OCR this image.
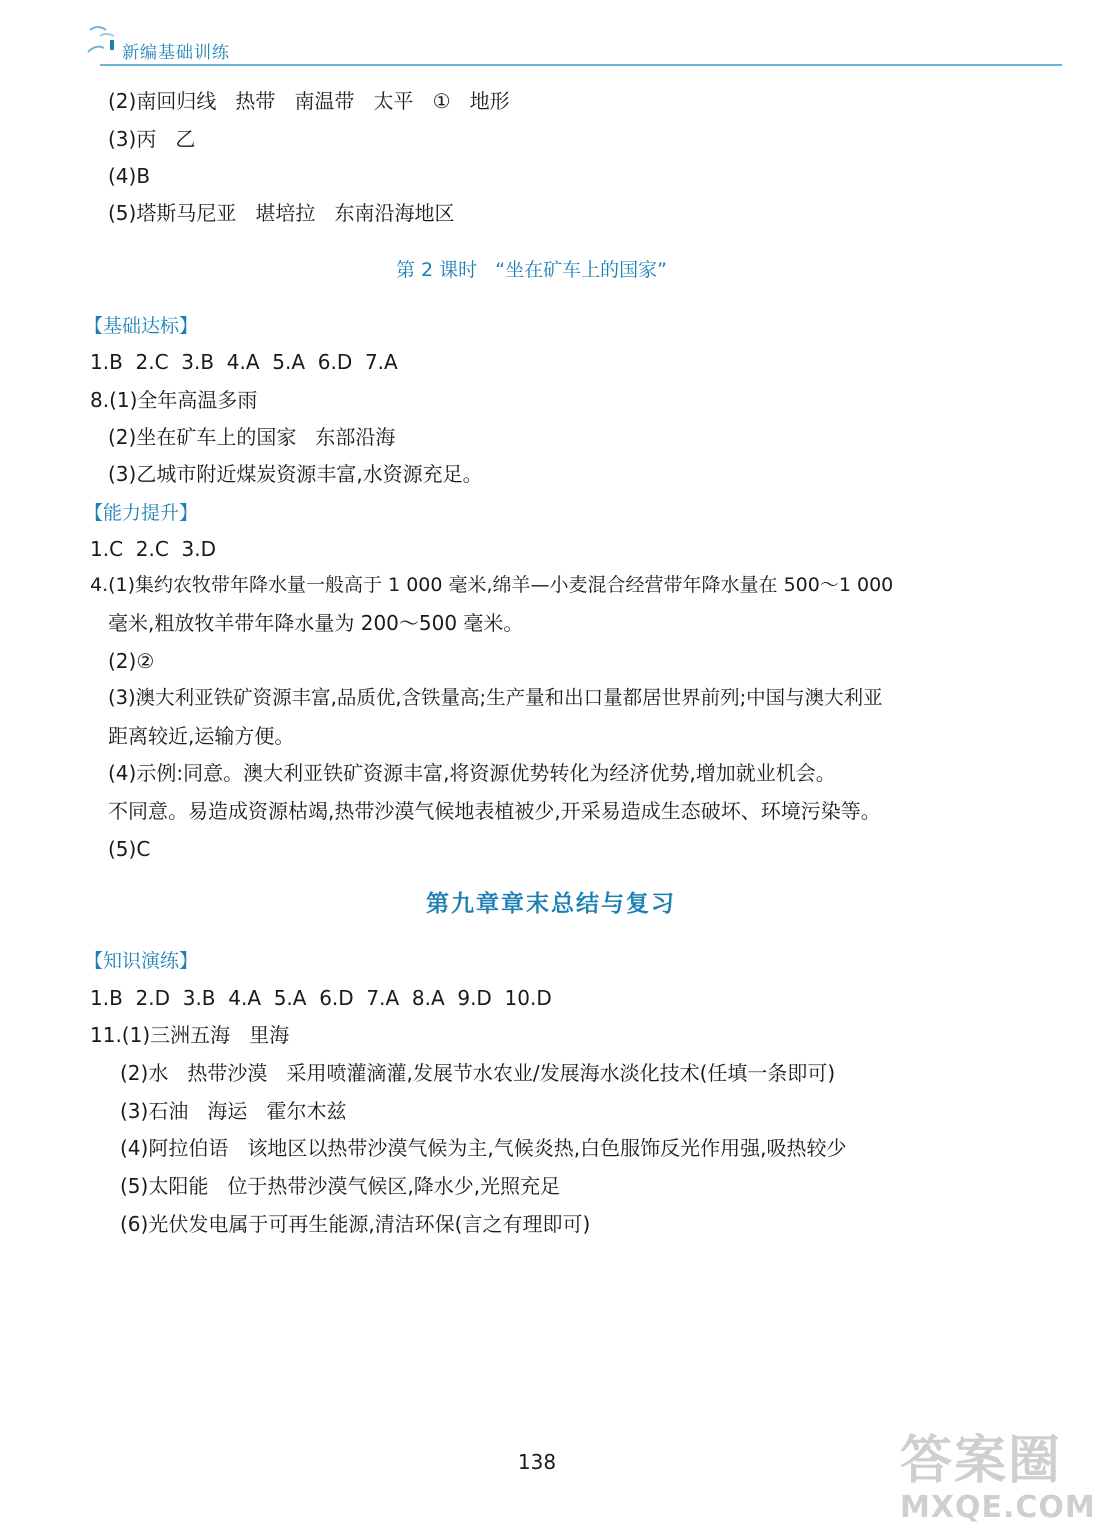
新编基础训练
(2)南回归线   热带   南温带   太平   ①   地形
(3)丙   乙
(4)B
(5)塔斯马尼亚   堪培拉   东南沿海地区
第 2 课时   “坐在矿车上的国家”
【基础达标】
1.B  2.C  3.B  4.A  5.A  6.D  7.A
8.(1)全年高温多雨
(2)坐在矿车上的国家   东部沿海
(3)乙城市附近煤炭资源丰富,水资源充足。
【能力提升】
1.C  2.C  3.D
4.(1)集约农牧带年降水量一般高于 1 000 毫米,绵羊—小麦混合经营带年降水量在 500～1 000
毫米,粗放牧羊带年降水量为 200～500 毫米。
(2)②
(3)澳大利亚铁矿资源丰富,品质优,含铁量高;生产量和出口量都居世界前列;中国与澳大利亚
距离较近,运输方便。
(4)示例:同意。澳大利亚铁矿资源丰富,将资源优势转化为经济优势,增加就业机会。
不同意。易造成资源枯竭,热带沙漠气候地表植被少,开采易造成生态破坏、环境污染等。
(5)C
第九章章末总结与复习
【知识演练】
1.B  2.D  3.B  4.A  5.A  6.D  7.A  8.A  9.D  10.D
11.(1)三洲五海   里海
(2)水   热带沙漠   采用喷灌滴灌,发展节水农业/发展海水淡化技术(任填一条即可)
(3)石油   海运   霍尔木兹
(4)阿拉伯语   该地区以热带沙漠气候为主,气候炎热,白色服饰反光作用强,吸热较少
(5)太阳能   位于热带沙漠气候区,降水少,光照充足
(6)光伏发电属于可再生能源,清洁环保(言之有理即可)
138	答案圈
MXQE.COM
